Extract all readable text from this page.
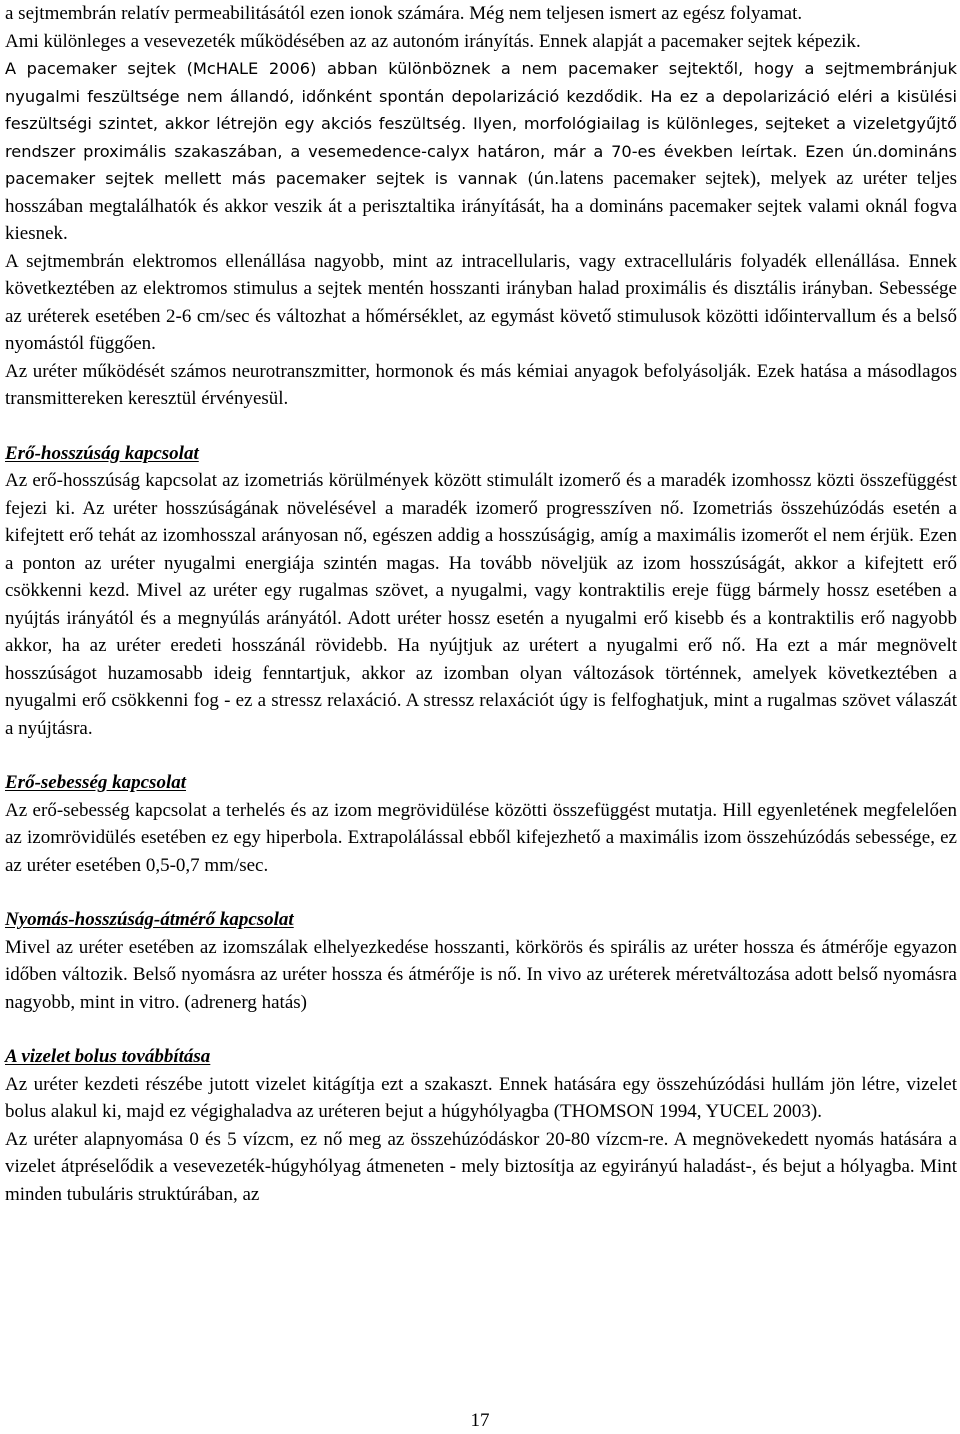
a sejtmembrán relatív permeabilitásától ezen ionok számára. Még nem teljesen ismert az egész folyamat.

Ami különleges a vesevezeték működésében az az autonóm irányítás. Ennek alapját a pacemaker sejtek képezik.

A pacemaker sejtek (McHALE 2006) abban különböznek a nem pacemaker sejtektől, hogy a sejtmembránjuk nyugalmi feszültsége nem állandó, időnként spontán depolarizáció kezdődik. Ha ez a depolarizáció eléri a kisülési feszültségi szintet, akkor létrejön egy akciós feszültség. Ilyen, morfológiailag is különleges, sejteket a vizeletgyűjtő rendszer proximális szakaszában, a vesemedence-calyx határon, már a 70-es években leírtak. Ezen ún.domináns pacemaker sejtek mellett más pacemaker sejtek is vannak (ún.latens pacemaker sejtek), melyek az uréter teljes hosszában megtalálhatók és akkor veszik át a perisztaltika irányítását, ha a domináns pacemaker sejtek valami oknál fogva kiesnek.

A sejtmembrán elektromos ellenállása nagyobb, mint az intracellularis, vagy extracelluláris folyadék ellenállása. Ennek következtében az elektromos stimulus a sejtek mentén hosszanti irányban halad proximális és disztális irányban. Sebessége az uréterek esetében 2-6 cm/sec és változhat a hőmérséklet, az egymást követő stimulusok közötti időintervallum és a belső nyomástól függően.

Az uréter működését számos neurotranszmitter, hormonok és más kémiai anyagok befolyásolják. Ezek hatása a másodlagos transmittereken keresztül érvényesül.

Erő-hosszúság kapcsolat

Az erő-hosszúság kapcsolat az izometriás körülmények között stimulált izomerő és a maradék izomhossz közti összefüggést fejezi ki. Az uréter hosszúságának növelésével a maradék izomerő progresszíven nő. Izometriás összehúzódás esetén a kifejtett erő tehát az izomhosszal arányosan nő, egészen addig a hosszúságig, amíg a maximális izomerőt el nem érjük. Ezen a ponton az uréter nyugalmi energiája szintén magas. Ha tovább növeljük az izom hosszúságát, akkor a kifejtett erő csökkenni kezd. Mivel az uréter egy rugalmas szövet, a nyugalmi, vagy kontraktilis ereje függ bármely hossz esetében a nyújtás irányától és a megnyúlás arányától. Adott uréter hossz esetén a nyugalmi erő kisebb és a kontraktilis erő nagyobb akkor, ha az uréter eredeti hosszánál rövidebb. Ha nyújtjuk az urétert a nyugalmi erő nő. Ha ezt a már megnövelt hosszúságot huzamosabb ideig fenntartjuk, akkor az izomban olyan változások történnek, amelyek következtében a nyugalmi erő csökkenni fog - ez a stressz relaxáció. A stressz relaxációt úgy is felfoghatjuk, mint a rugalmas szövet válaszát a nyújtásra.

Erő-sebesség kapcsolat

Az erő-sebesség kapcsolat a terhelés és az izom megrövidülése közötti összefüggést mutatja. Hill egyenletének megfelelően az izomrövidülés esetében ez egy hiperbola. Extrapolálással ebből kifejezhető a maximális izom összehúzódás sebessége, ez az uréter esetében 0,5-0,7 mm/sec.

Nyomás-hosszúság-átmérő kapcsolat

Mivel az uréter esetében az izomszálak elhelyezkedése hosszanti, körkörös és spirális az uréter hossza és átmérője egyazon időben változik. Belső nyomásra az uréter hossza és átmérője is nő. In vivo az uréterek méretváltozása adott belső nyomásra nagyobb, mint in vitro. (adrenerg hatás)

A vizelet bolus továbbítása

Az uréter kezdeti részébe jutott vizelet kitágítja ezt a szakaszt. Ennek hatására egy összehúzódási hullám jön létre, vizelet bolus alakul ki, majd ez végighaladva az uréteren bejut a húgyhólyagba (THOMSON 1994, YUCEL 2003).

Az uréter alapnyomása 0 és 5 vízcm, ez nő meg az összehúzódáskor 20-80 vízcm-re. A megnövekedett nyomás hatására a vizelet átpréselődik a vesevezeték-húgyhólyag átmeneten - mely biztosítja az egyirányú haladást-, és bejut a hólyagba. Mint minden tubuláris struktúrában, az

17
